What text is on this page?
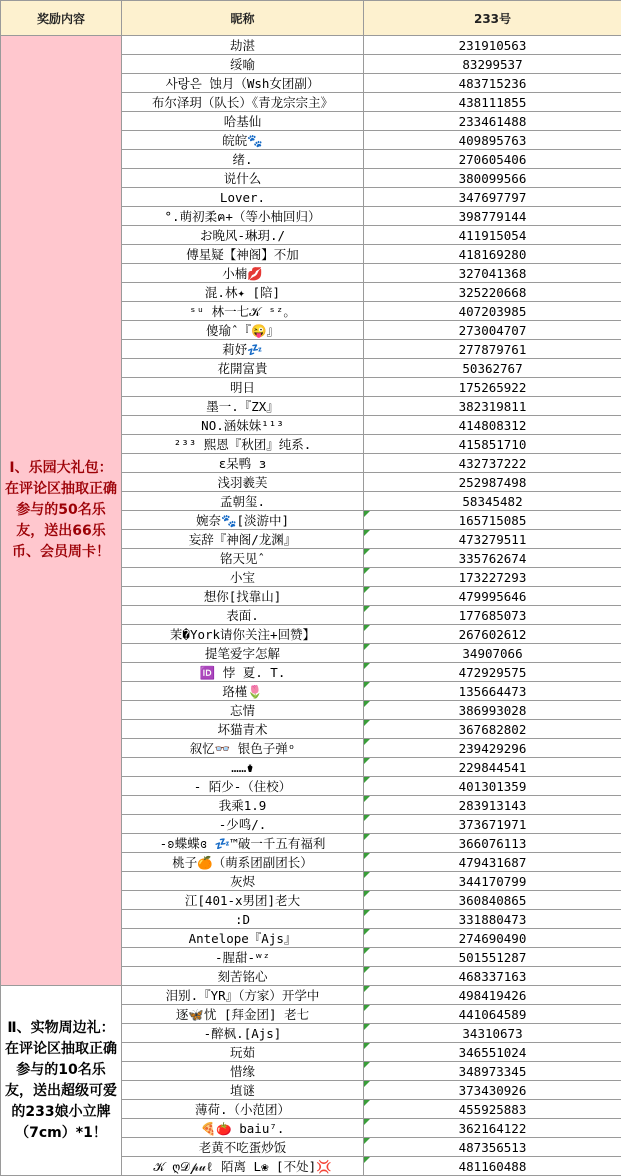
奖励内容	昵称	233号
Ⅰ、乐园大礼包：在评论区抽取正确参与的50名乐友，送出66乐币、会员周卡！	劫湛	231910563
	绥喻	83299537
	사랑은 蚀月（Wsh女团副）	483715236
	布尔泽玥（队长）《青龙宗宗主》	438111855
	哈基仙	233461488
	皖皖🐾	409895763
	绪.	270605406
	说什么	380099566
	Lover.	347697797
	°.萌初柔ฅ+（等小柚回归）	398779144
	お晚风-琳玥./	411915054
	傅星疑【神阁】不加	418169280
	小楠💋	327041368
	混.林✦ [陪]	325220668
	ˢᵘ 林一七𝒦 ˢᶻ。	407203985
	傻瑜ˆ『😜』	273004707
	莉妤💤	277879761
	花開富貴	50362767
	明日	175265922
	墨一.『ZX』	382319811
	NO.涵妹妹¹¹³	414808312
	²³³ 熙恩『秋团』纯系.	415851710
	ε呆鸭 з	432737222
	浅羽羲芙	252987498
	孟朝玺.	58345482
	婉奈🐾[淡游中]	165715085
	妄辞『神阁/龙渊』	473279511
	铭天见ˆ	335762674
	小宝	173227293
	想你[找靠山]	479995646
	表面.	177685073
	茉�York请你关注+回赞】	267602612
	提笔爱字怎解	34907066
	🆔 悖 夏. T.	472929575
	珞槿🌷	135664473
	忘情	386993028
	坏猫青术	367682802
	叙忆👓 银色子弹ᵒ	239429296
	……⚱	229844541
	- 陌少-（住校）	401301359
	我乘1.9	283913143
	-少鸣/.	373671971
	-ʚ蝶蝶ɞ 💤™破一千五有福利	366076113
	桃子🍊（萌系团副团长）	479431687
	灰烬	344170799
	江[401-x男团]老大	360840865
	:D	331880473
	Antelope『Ajs』	274690490
	-腥甜-ʷᶻ	501551287
	刻苦铭心	468337163
Ⅱ、实物周边礼：在评论区抽取正确参与的10名乐友，送出超级可爱的233娘小立牌（7cm）*1！	泪别.『YR』（方家）开学中	498419426
	逐🦋忧 [拜金团] 老七	441064589
	-醉枫.[Ajs]	34310673
	玩茹	346551024
	惜缘	348973345
	埴谜	373430926
	薄荷.（小范团）	455925883
	🍕🍅 baiu⁷.	362164122
	老黄不吃蛋炒饭	487356513
	𝒦 ღ𝒟𝓅𝓊ℓ 陌离 L❀ [不处]💢	481160488
